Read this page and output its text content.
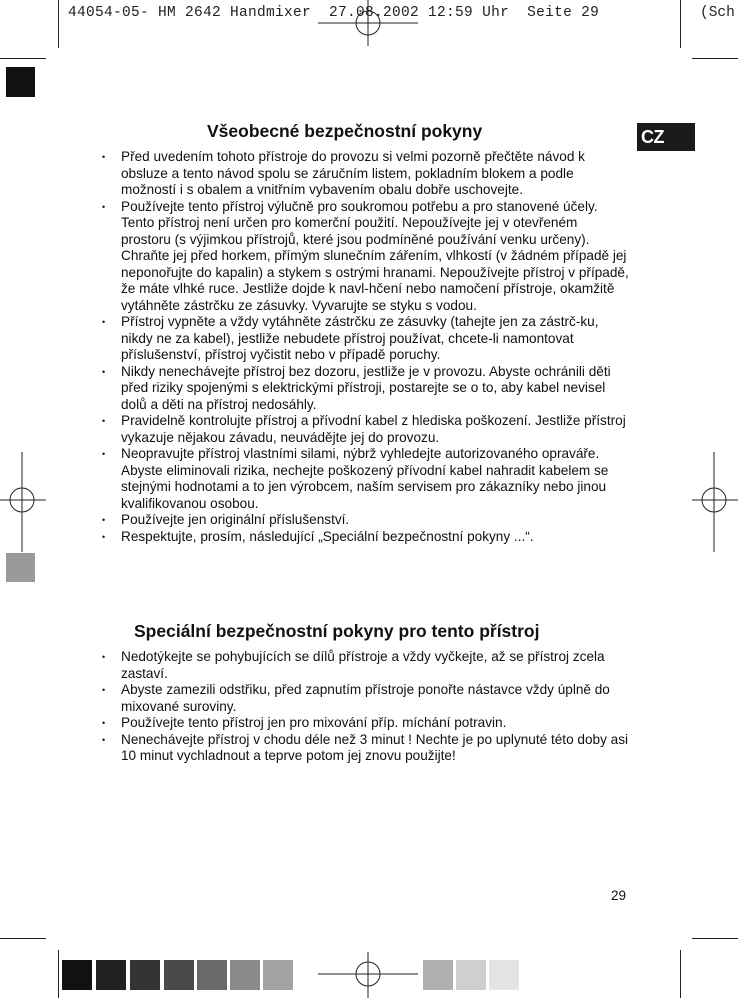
44054-05- HM 2642 Handmixer  27.08.2002 12:59 Uhr  Seite 29	(Sch
CZ
Všeobecné bezpečnostní pokyny
• Před uvedením tohoto přístroje do provozu si velmi pozorně přečtěte návod k obsluze a tento návod spolu se záručním listem, pokladním blokem a podle možností i s obalem a vnitřním vybavením obalu dobře uschovejte.
• Používejte tento přístroj výlučně pro soukromou potřebu a pro stanovené účely. Tento přístroj není určen pro komerční použití. Nepoužívejte jej v otevřeném prostoru (s výjimkou přístrojů, které jsou podmíněné používání venku určeny). Chraňte jej před horkem, přímým slunečním zářením, vlhkostí (v žádném případě jej neponořujte do kapalin) a stykem s ostrými hranami. Nepoužívejte přístroj v případě, že máte vlhké ruce. Jestliže dojde k navl-hčení nebo namočení přístroje, okamžitě vytáhněte zástrčku ze zásuvky. Vyvarujte se styku s vodou.
• Přístroj vypněte a vždy vytáhněte zástrčku ze zásuvky (tahejte jen za zástrč-ku, nikdy ne za kabel), jestliže nebudete přístroj používat, chcete-li namontovat příslušenství, přístroj vyčistit nebo v případě poruchy.
• Nikdy nenechávejte přístroj bez dozoru, jestliže je v provozu. Abyste ochránili děti před riziky spojenými s elektrickými přístroji, postarejte se o to, aby kabel nevisel dolů a děti na přístroj nedosáhly.
• Pravidelně kontrolujte přístroj a přívodní kabel z hlediska poškození. Jestliže přístroj vykazuje nějakou závadu, neuvádějte jej do provozu.
• Neopravujte přístroj vlastními silami, nýbrž vyhledejte autorizovaného opraváře. Abyste eliminovali rizika, nechejte poškozený přívodní kabel nahradit kabelem se stejnými hodnotami a to jen výrobcem, naším servisem pro zákazníky nebo jinou kvalifikovanou osobou.
• Používejte jen originální příslušenství.
• Respektujte, prosím, následující „Speciální bezpečnostní pokyny ...“.
Speciální bezpečnostní pokyny pro tento přístroj
• Nedotýkejte se pohybujících se dílů přístroje a vždy vyčkejte, až se přístroj zcela zastaví.
• Abyste zamezili odstřiku, před zapnutím přístroje ponořte nástavce vždy úplně do mixované suroviny.
• Používejte tento přístroj jen pro mixování příp. míchání potravin.
• Nenechávejte přístroj v chodu déle než 3 minut ! Nechte je po uplynuté této doby asi 10 minut vychladnout a teprve potom jej znovu použijte!
29
